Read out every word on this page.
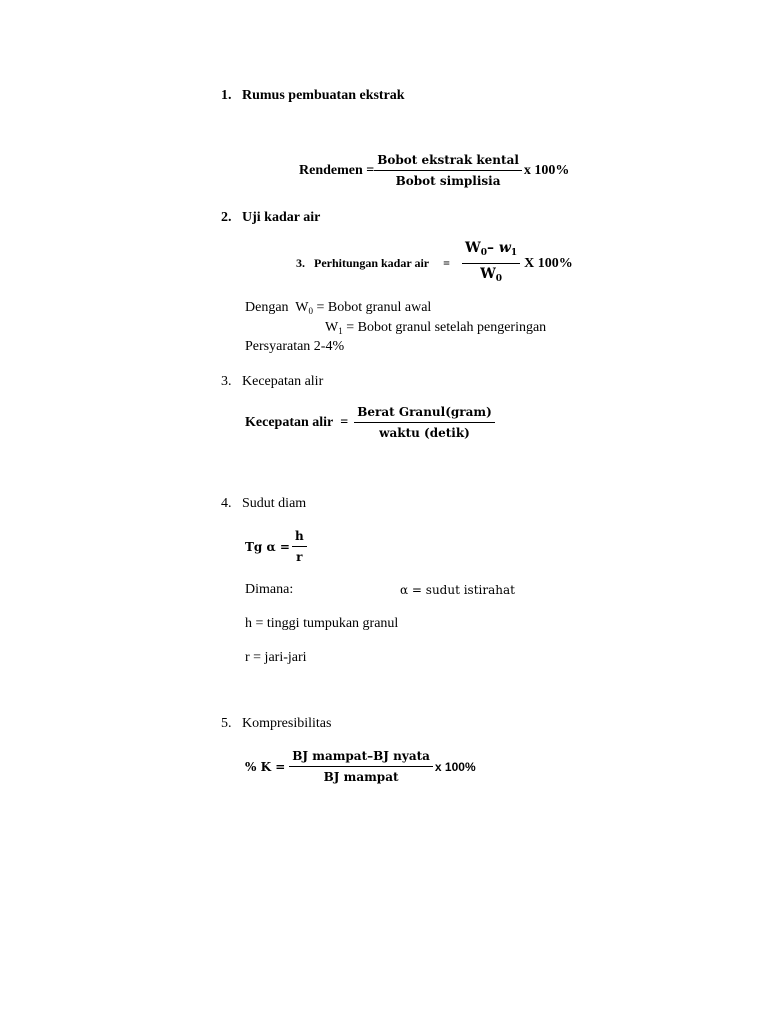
1.   Rumus pembuatan ekstrak
Rendemen = $\frac{\text{Bobot ekstrak kental}}{\text{Bobot simplisia}}$ x 100%
2.   Uji kadar air
3.   Perhitungan kadar air = $\frac{W_0- w_1}{W_0}$ X 100%
Dengan  $W_0$ = Bobot granul awal
$W_1$ = Bobot granul setelah pengeringan
Persyaratan 2-4%
3.   Kecepatan alir
Kecepatan alir  = $\frac{\text{Berat Granul(gram)}}{\text{waktu (detik)}}$
4.   Sudut diam
Tg $\alpha = \frac{h}{r}$
Dimana:	α = sudut istirahat
h = tinggi tumpukan granul
r = jari-jari
5.   Kompresibilitas
% $K = \frac{\text{BJ mampat–BJ nyata}}{\text{BJ mampat}}$ x 100%
